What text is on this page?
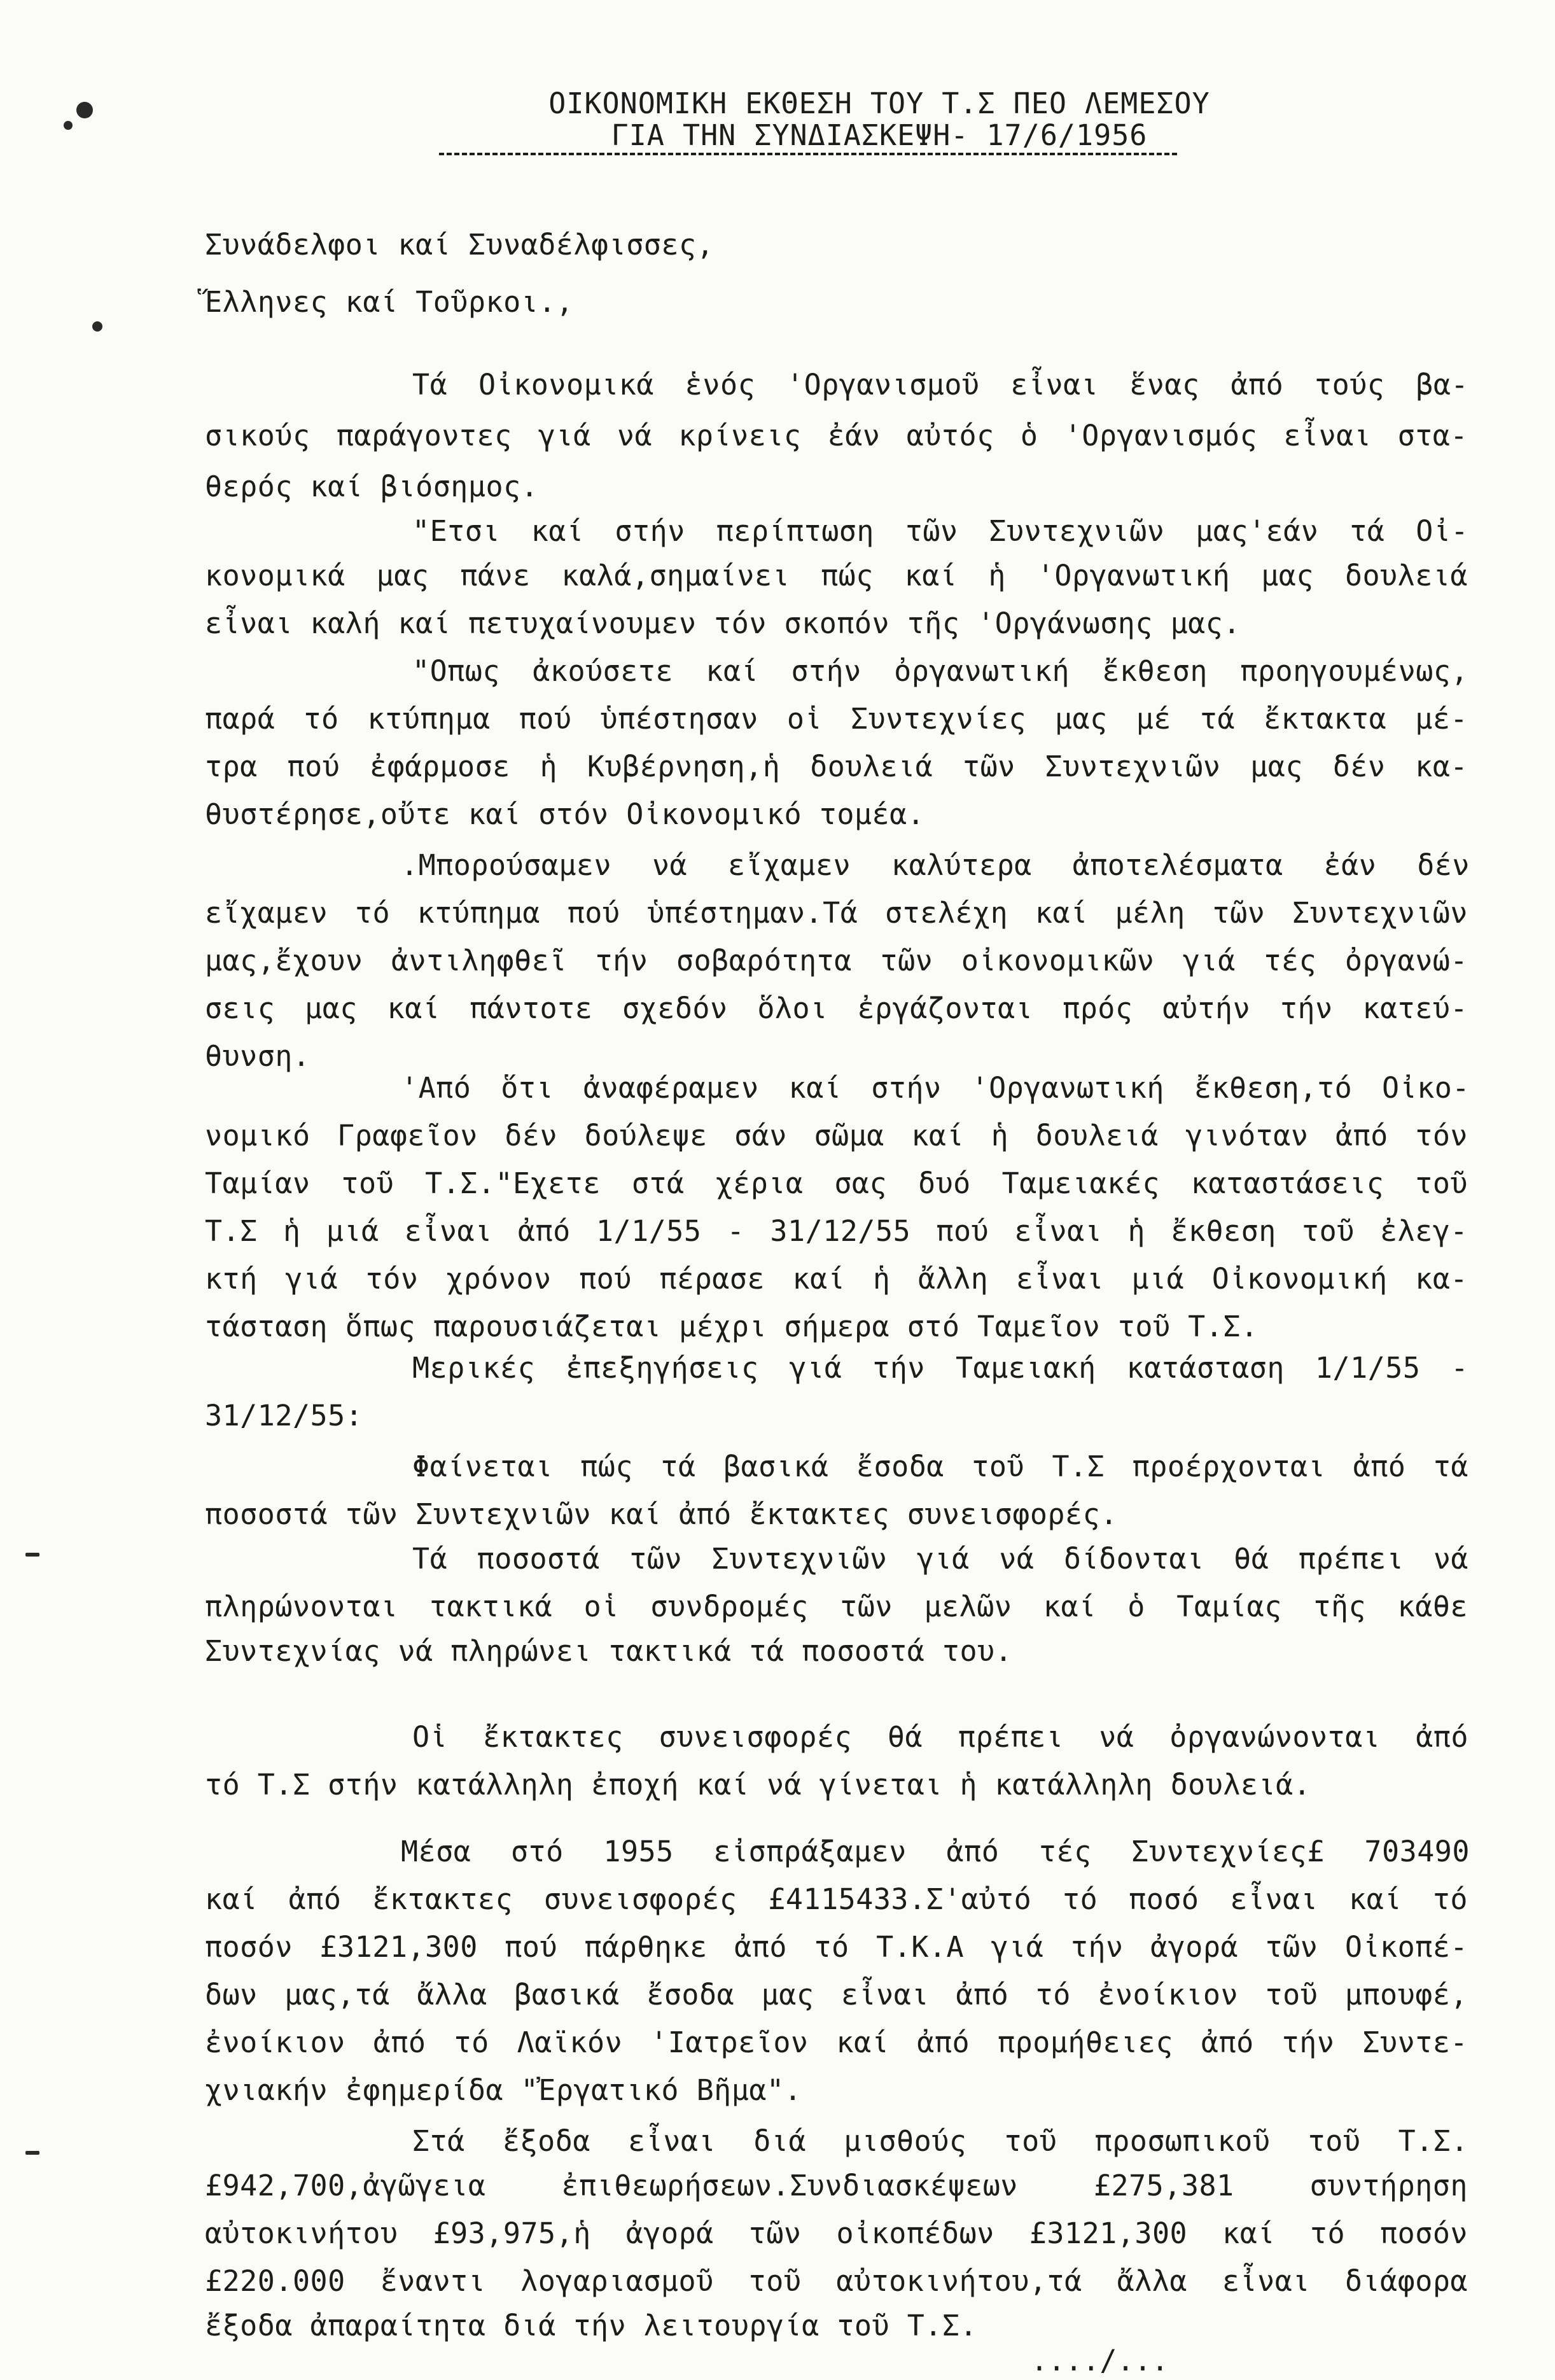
ΟΙΚΟΝΟΜΙΚΗ ΕΚΘΕΣΗ ΤΟΥ Τ.Σ ΠΕΟ ΛΕΜΕΣΟΥ
ΓΙΑ ΤΗΝ ΣΥΝΔΙΑΣΚΕΨΗ- 17/6/1956
Συνάδελφοι καί Συναδέλφισσες,
Ἕλληνες καί Τοῦρκοι.,
Τά Οἰκονομικά ἑνός 'Οργανισμοῦ εἶναι ἕνας ἀπό τούς βα-
σικούς παράγοντες γιά νά κρίνεις ἐάν αὐτός ὁ 'Οργανισμός εἶναι στα-
θερός καί βιόσημος.
"Ετσι καί στήν περίπτωση τῶν Συντεχνιῶν μας'εάν τά Οἰ-
κονομικά μας πάνε καλά,σημαίνει πώς καί ἡ 'Οργανωτική μας δουλειά
εἶναι καλή καί πετυχαίνουμεν τόν σκοπόν τῆς 'Οργάνωσης μας.
"Οπως ἀκούσετε καί στήν ὀργανωτική ἔκθεση προηγουμένως,
παρά τό κτύπημα πού ὑπέστησαν οἱ Συντεχνίες μας μέ τά ἔκτακτα μέ-
τρα πού ἐφάρμοσε ἡ Κυβέρνηση,ἡ δουλειά τῶν Συντεχνιῶν μας δέν κα-
θυστέρησε,οὔτε καί στόν Οἰκονομικό τομέα.
.Μπορούσαμεν νά εἴχαμεν καλύτερα ἀποτελέσματα ἐάν δέν
εἴχαμεν τό κτύπημα πού ὑπέστημαν.Τά στελέχη καί μέλη τῶν Συντεχνιῶν
μας,ἔχουν ἀντιληφθεῖ τήν σοβαρότητα τῶν οἰκονομικῶν γιά τές ὀργανώ-
σεις μας καί πάντοτε σχεδόν ὅλοι ἐργάζονται πρός αὐτήν τήν κατεύ-
θυνση.
'Από ὅτι ἀναφέραμεν καί στήν 'Οργανωτική ἔκθεση,τό Οἰκο-
νομικό Γραφεῖον δέν δούλεψε σάν σῶμα καί ἡ δουλειά γινόταν ἀπό τόν
Ταμίαν τοῦ Τ.Σ."Εχετε στά χέρια σας δυό Ταμειακές καταστάσεις τοῦ
Τ.Σ ἡ μιά εἶναι ἀπό 1/1/55 - 31/12/55 πού εἶναι ἡ ἔκθεση τοῦ ἐλεγ-
κτή γιά τόν χρόνον πού πέρασε καί ἡ ἄλλη εἶναι μιά Οἰκονομική κα-
τάσταση ὅπως παρουσιάζεται μέχρι σήμερα στό Ταμεῖον τοῦ Τ.Σ.
Μερικές ἐπεξηγήσεις γιά τήν Ταμειακή κατάσταση 1/1/55 -
31/12/55:
Φαίνεται πώς τά βασικά ἔσοδα τοῦ Τ.Σ προέρχονται ἀπό τά
ποσοστά τῶν Συντεχνιῶν καί ἀπό ἔκτακτες συνεισφορές.
Τά ποσοστά τῶν Συντεχνιῶν γιά νά δίδονται θά πρέπει νά
πληρώνονται τακτικά οἱ συνδρομές τῶν μελῶν καί ὁ Ταμίας τῆς κάθε
Συντεχνίας νά πληρώνει τακτικά τά ποσοστά του.
Οἱ ἔκτακτες συνεισφορές θά πρέπει νά ὀργανώνονται ἀπό
τό Τ.Σ στήν κατάλληλη ἐποχή καί νά γίνεται ἡ κατάλληλη δουλειά.
Μέσα στό 1955 εἰσπράξαμεν ἀπό τές Συντεχνίες£ 703490
καί ἀπό ἔκτακτες συνεισφορές £4115433.Σ'αὐτό τό ποσό εἶναι καί τό
ποσόν £3121,300 πού πάρθηκε ἀπό τό Τ.Κ.Α γιά τήν ἀγορά τῶν Οἰκοπέ-
δων μας,τά ἄλλα βασικά ἔσοδα μας εἶναι ἀπό τό ἐνοίκιον τοῦ μπουφέ,
ἐνοίκιον ἀπό τό Λαϊκόν 'Ιατρεῖον καί ἀπό προμήθειες ἀπό τήν Συντε-
χνιακήν ἐφημερίδα "Ἐργατικό Βῆμα".
Στά ἔξοδα εἶναι διά μισθούς τοῦ προσωπικοῦ τοῦ Τ.Σ.
£942,700,ἀγῶγεια ἐπιθεωρήσεων.Συνδιασκέψεων £275,381 συντήρηση
αὐτοκινήτου £93,975,ἡ ἀγορά τῶν οἰκοπέδων £3121,300 καί τό ποσόν
£220.000 ἔναντι λογαριασμοῦ τοῦ αὐτοκινήτου,τά ἄλλα εἶναι διάφορα
ἔξοδα ἀπαραίτητα διά τήν λειτουργία τοῦ Τ.Σ.
..../...
